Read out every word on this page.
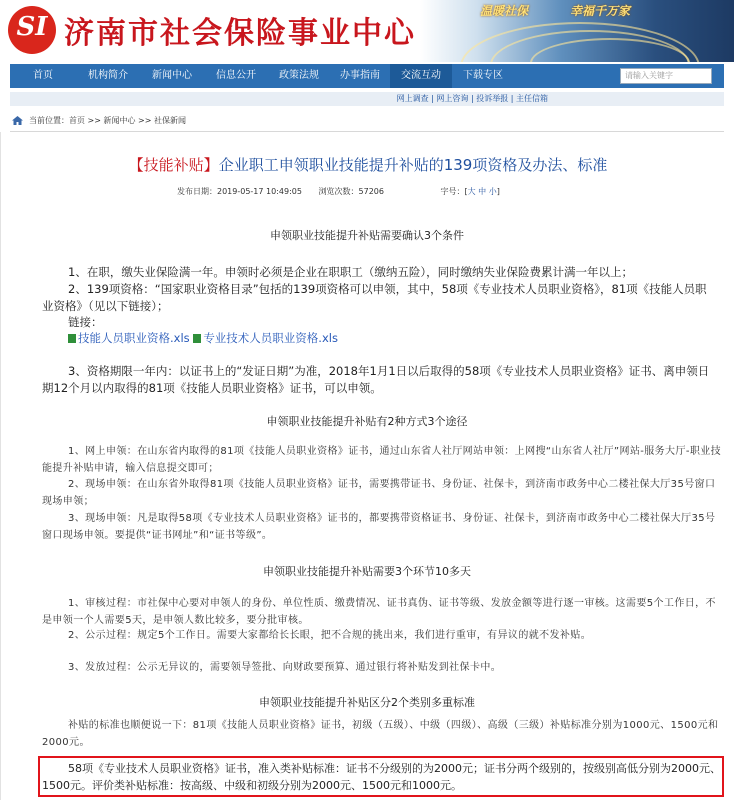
SI 济南市社会保险事业中心
温暖社保	幸福千万家
首页	机构简介	新闻中心	信息公开	政策法规	办事指南	交流互动	下载专区	请输入关键字
网上调查 | 网上咨询 | 投诉举报 | 主任信箱
当前位置：首页 >> 新闻中心 >> 社保新闻
【技能补贴】企业职工申领职业技能提升补贴的139项资格及办法、标准
发布日期：2019-05-17 10:49:05 浏览次数：57206	字号：[大 中 小]
申领职业技能提升补贴需要确认3个条件
1、在职，缴失业保险满一年。申领时必须是企业在职职工（缴纳五险），同时缴纳失业保险费累计满一年以上；
2、139项资格：“国家职业资格目录”包括的139项资格可以申领，其中，58项《专业技术人员职业资格》，81项《技能人员职业资格》（见以下链接）；
链接：
技能人员职业资格.xls 专业技术人员职业资格.xls
3、资格期限一年内：以证书上的“发证日期”为准，2018年1月1日以后取得的58项《专业技术人员职业资格》证书、离申领日期12个月以内取得的81项《技能人员职业资格》证书，可以申领。
申领职业技能提升补贴有2种方式3个途径
1、网上申领：在山东省内取得的81项《技能人员职业资格》证书，通过山东省人社厅网站申领：上网搜“山东省人社厅”网站-服务大厅-职业技能提升补贴申请，输入信息提交即可；
2、现场申领：在山东省外取得81项《技能人员职业资格》证书，需要携带证书、身份证、社保卡，到济南市政务中心二楼社保大厅35号窗口现场申领；
3、现场申领：凡是取得58项《专业技术人员职业资格》证书的，都要携带资格证书、身份证、社保卡，到济南市政务中心二楼社保大厅35号窗口现场申领。要提供“证书网址”和“证书等级”。
申领职业技能提升补贴需要3个环节10多天
1、审核过程：市社保中心要对申领人的身份、单位性质、缴费情况、证书真伪、证书等级、发放金额等进行逐一审核。这需要5个工作日，不是申领一个人需要5天，是申领人数比较多，要分批审核。
2、公示过程：规定5个工作日。需要大家都给长长眼，把不合规的挑出来，我们进行重审，有异议的就不发补贴。
3、发放过程：公示无异议的，需要领导签批、向财政要预算、通过银行将补贴发到社保卡中。
申领职业技能提升补贴区分2个类别多重标准
补贴的标准也顺便说一下：81项《技能人员职业资格》证书，初级（五级）、中级（四级）、高级（三级）补贴标准分别为1000元、1500元和2000元。
58项《专业技术人员职业资格》证书，准入类补贴标准：证书不分级别的为2000元；证书分两个级别的，按级别高低分别为2000元、1500元。评价类补贴标准：按高级、中级和初级分别为2000元、1500元和1000元。
